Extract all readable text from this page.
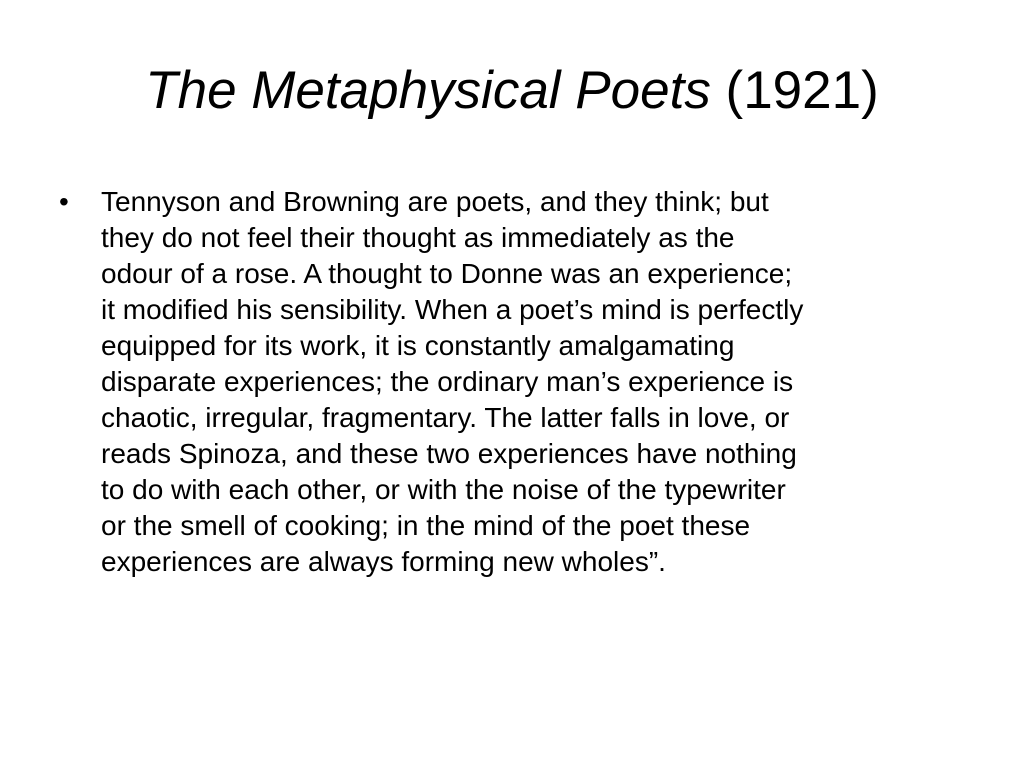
The Metaphysical Poets (1921)
• Tennyson and Browning are poets, and they think; but
they do not feel their thought as immediately as the
odour of a rose. A thought to Donne was an experience;
it modified his sensibility. When a poet’s mind is perfectly
equipped for its work, it is constantly amalgamating
disparate experiences; the ordinary man’s experience is
chaotic, irregular, fragmentary. The latter falls in love, or
reads Spinoza, and these two experiences have nothing
to do with each other, or with the noise of the typewriter
or the smell of cooking; in the mind of the poet these
experiences are always forming new wholes”.
